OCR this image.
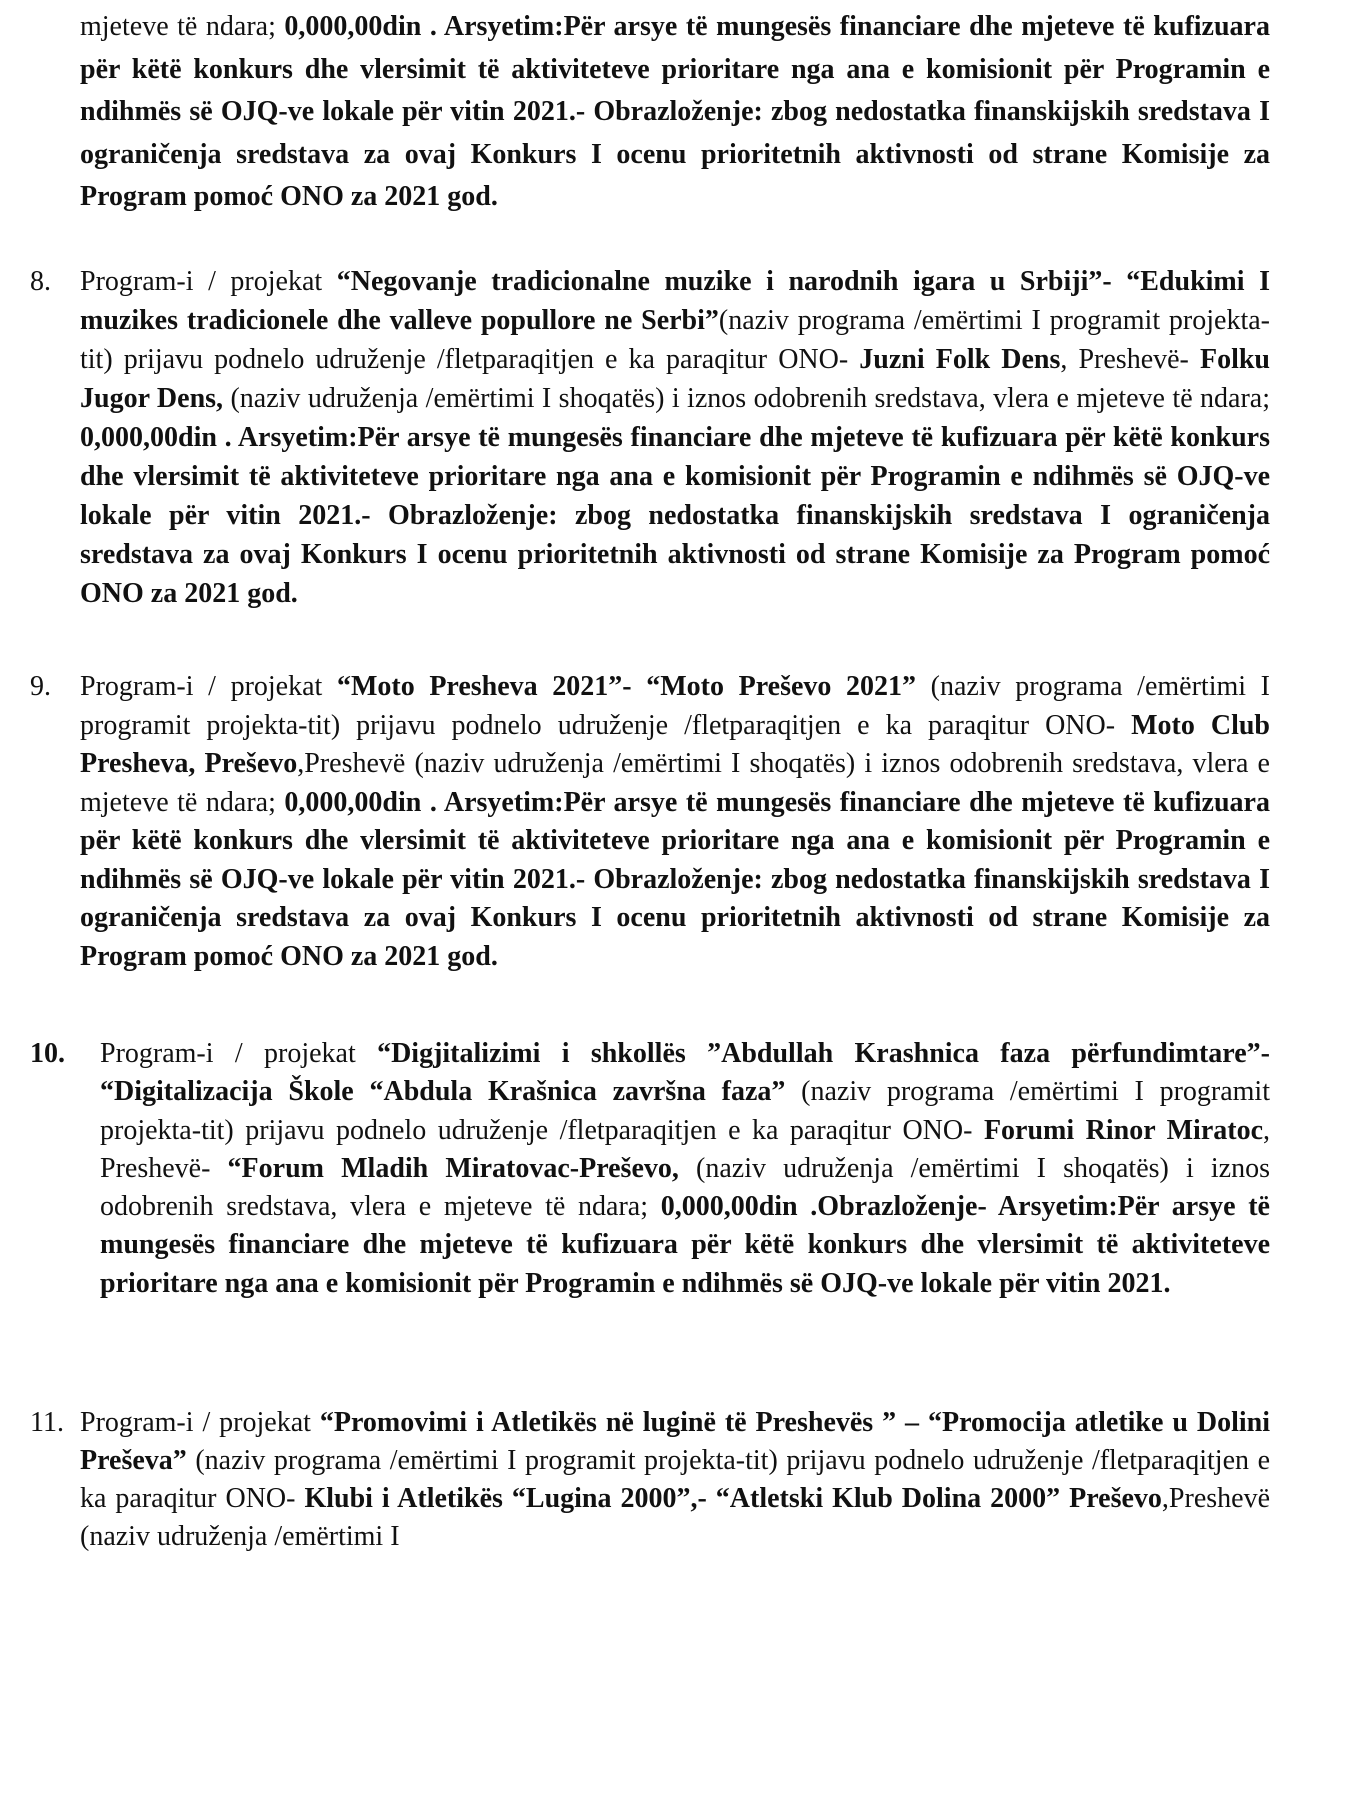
mjeteve të ndara; 0,000,00din . Arsyetim:Për arsye të mungesës financiare dhe mjeteve të kufizuara për këtë konkurs dhe vlersimit të aktiviteteve prioritare nga ana e komisionit për Programin e ndihmës së OJQ-ve lokale për vitin 2021.- Obrazloženje: zbog nedostatka finanskijskih sredstava I ograničenja sredstava za ovaj Konkurs I ocenu prioritetnih aktivnosti od strane Komisije za Program pomoć ONO za 2021 god.
8.	Program-i / projekat “Negovanje tradicionalne muzike i narodnih igara u Srbiji”- “Edukimi I muzikes tradicionele dhe valleve popullore ne Serbi”(naziv programa /emërtimi I programit projekta-tit) prijavu podnelo udruženje /fletparaqitjen e ka paraqitur ONO- Juzni Folk Dens, Preshevë- Folku Jugor Dens, (naziv udruženja /emërtimi I shoqatës) i iznos odobrenih sredstava, vlera e mjeteve të ndara; 0,000,00din . Arsyetim:Për arsye të mungesës financiare dhe mjeteve të kufizuara për këtë konkurs dhe vlersimit të aktiviteteve prioritare nga ana e komisionit për Programin e ndihmës së OJQ-ve lokale për vitin 2021.- Obrazloženje: zbog nedostatka finanskijskih sredstava I ograničenja sredstava za ovaj Konkurs I ocenu prioritetnih aktivnosti od strane Komisije za Program pomoć ONO za 2021 god.
9.	Program-i / projekat “Moto Presheva 2021”- “Moto Preševo 2021” (naziv programa /emërtimi I programit projekta-tit) prijavu podnelo udruženje /fletparaqitjen e ka paraqitur ONO- Moto Club Presheva, Preševo,Preshevë (naziv udruženja /emërtimi I shoqatës) i iznos odobrenih sredstava, vlera e mjeteve të ndara; 0,000,00din . Arsyetim:Për arsye të mungesës financiare dhe mjeteve të kufizuara për këtë konkurs dhe vlersimit të aktiviteteve prioritare nga ana e komisionit për Programin e ndihmës së OJQ-ve lokale për vitin 2021.- Obrazloženje: zbog nedostatka finanskijskih sredstava I ograničenja sredstava za ovaj Konkurs I ocenu prioritetnih aktivnosti od strane Komisije za Program pomoć ONO za 2021 god.
10.	Program-i / projekat “Digjitalizimi i shkollës ”Abdullah Krashnica faza përfundimtare”- “Digitalizacija Škole “Abdula Krašnica završna faza” (naziv programa /emërtimi I programit projekta-tit) prijavu podnelo udruženje /fletparaqitjen e ka paraqitur ONO- Forumi Rinor Miratoc, Preshevë- “Forum Mladih Miratovac-Preševo, (naziv udruženja /emërtimi I shoqatës) i iznos odobrenih sredstava, vlera e mjeteve të ndara; 0,000,00din .Obrazloženje- Arsyetim:Për arsye të mungesës financiare dhe mjeteve të kufizuara për këtë konkurs dhe vlersimit të aktiviteteve prioritare nga ana e komisionit për Programin e ndihmës së OJQ-ve lokale për vitin 2021.
11. Program-i / projekat “Promovimi i Atletikës në luginë të Preshevës ” – “Promocija atletike u Dolini Preševa” (naziv programa /emërtimi I programit projekta-tit) prijavu podnelo udruženje /fletparaqitjen e ka paraqitur ONO- Klubi i Atletikës “Lugina 2000”,- “Atletski Klub Dolina 2000” Preševo,Preshevë (naziv udruženja /emërtimi I
